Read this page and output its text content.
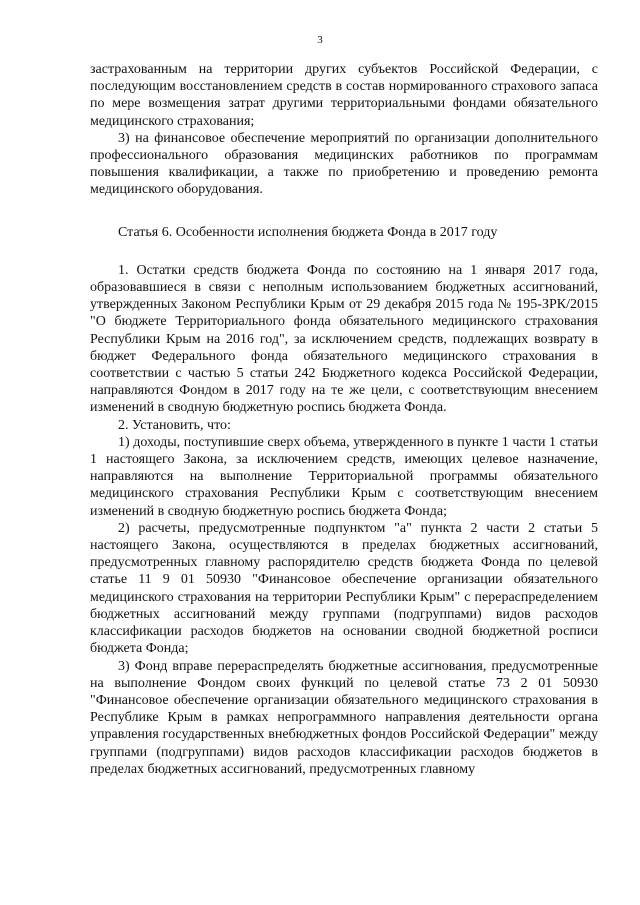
3

застрахованным на территории других субъектов Российской Федерации, с последующим восстановлением средств в состав нормированного страхового запаса по мере возмещения затрат другими территориальными фондами обязательного медицинского страхования;

3) на финансовое обеспечение мероприятий по организации дополнительного профессионального образования медицинских работников по программам повышения квалификации, а также по приобретению и проведению ремонта медицинского оборудования.

Статья 6. Особенности исполнения бюджета Фонда в 2017 году

1. Остатки средств бюджета Фонда по состоянию на 1 января 2017 года, образовавшиеся в связи с неполным использованием бюджетных ассигнований, утвержденных Законом Республики Крым от 29 декабря 2015 года № 195-ЗРК/2015 "О бюджете Территориального фонда обязательного медицинского страхования Республики Крым на 2016 год", за исключением средств, подлежащих возврату в бюджет Федерального фонда обязательного медицинского страхования в соответствии с частью 5 статьи 242 Бюджетного кодекса Российской Федерации, направляются Фондом в 2017 году на те же цели, с соответствующим внесением изменений в сводную бюджетную роспись бюджета Фонда.

2. Установить, что:

1) доходы, поступившие сверх объема, утвержденного в пункте 1 части 1 статьи 1 настоящего Закона, за исключением средств, имеющих целевое назначение, направляются на выполнение Территориальной программы обязательного медицинского страхования Республики Крым с соответствующим внесением изменений в сводную бюджетную роспись бюджета Фонда;

2) расчеты, предусмотренные подпунктом "а" пункта 2 части 2 статьи 5 настоящего Закона, осуществляются в пределах бюджетных ассигнований, предусмотренных главному распорядителю средств бюджета Фонда по целевой статье 11 9 01 50930 "Финансовое обеспечение организации обязательного медицинского страхования на территории Республики Крым" с перераспределением бюджетных ассигнований между группами (подгруппами) видов расходов классификации расходов бюджетов на основании сводной бюджетной росписи бюджета Фонда;

3) Фонд вправе перераспределять бюджетные ассигнования, предусмотренные на выполнение Фондом своих функций по целевой статье 73 2 01 50930 "Финансовое обеспечение организации обязательного медицинского страхования в Республике Крым в рамках непрограммного направления деятельности органа управления государственных внебюджетных фондов Российской Федерации" между группами (подгруппами) видов расходов классификации расходов бюджетов в пределах бюджетных ассигнований, предусмотренных главному
